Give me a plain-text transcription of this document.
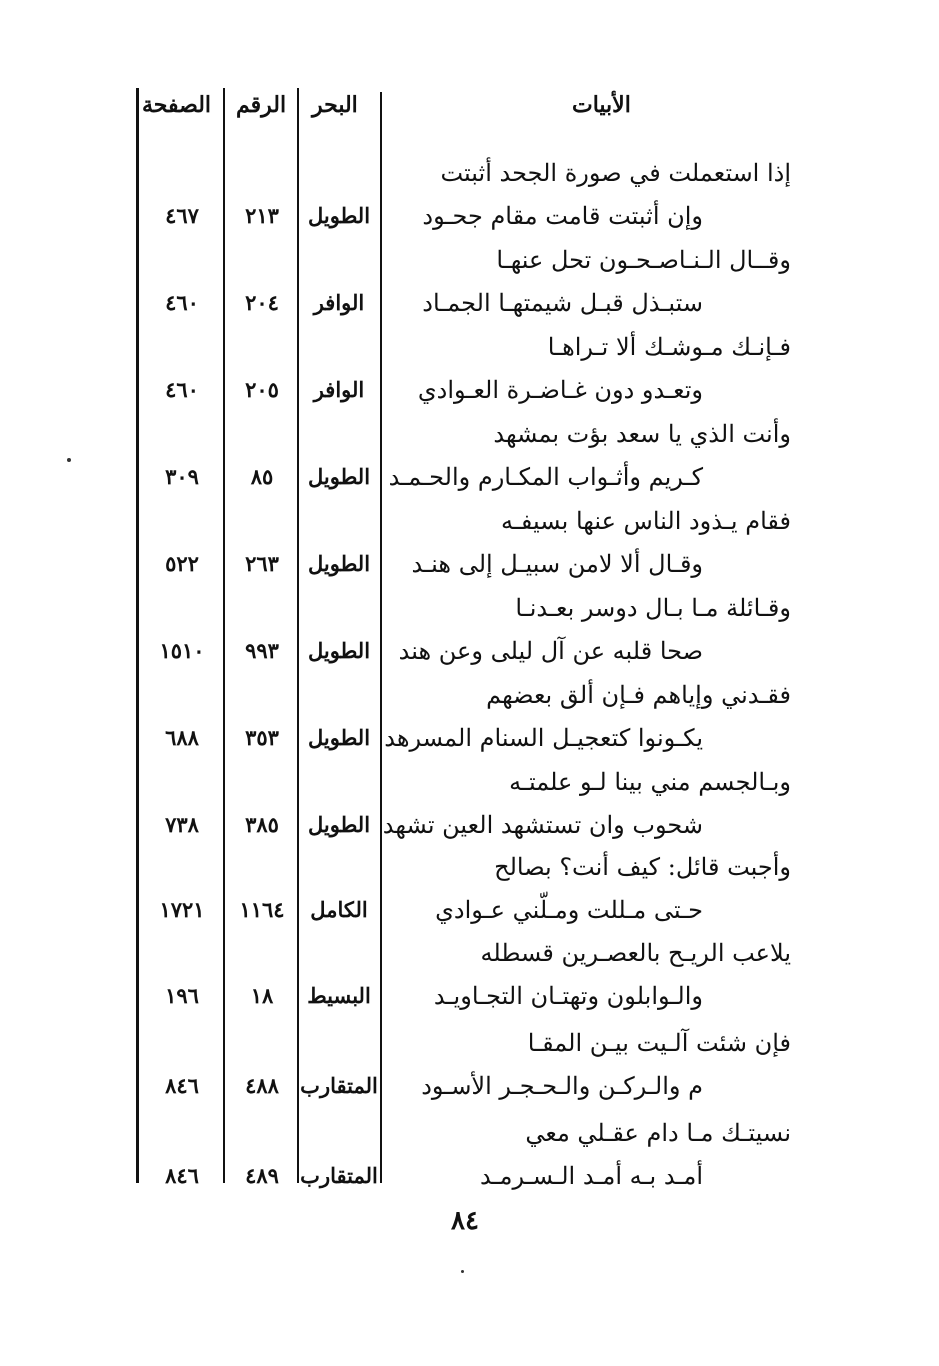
الأبيات
البحر
الرقم
الصفحة
إذا استعملت في صورة الجحد أثبتت
وإن أثبتت قامت مقام جحـود
الطويل
٢١٣
٤٦٧
وقــال الـنـاصـحـون تحل عنهـا
ستبـذل قبـل شيمتهـا الجمـاد
الوافر
٢٠٤
٤٦٠
فـإنـك مـوشـك ألا تـراهـا
وتعـدو دون غـاضـرة العـوادي
الوافر
٢٠٥
٤٦٠
وأنت الذي يا سعد بؤت بمشهد
كـريم وأثـواب المكـارم والحـمـد
الطويل
٨٥
٣٠٩
فقام يـذود الناس عنها بسيفـه
وقـال ألا لامن سبيـل إلى هنـد
الطويل
٢٦٣
٥٢٢
وقـائلة مـا بـال دوسر بعـدنـا
صحا قلبه عن آل ليلى وعن هند
الطويل
٩٩٣
١٥١٠
فقـدني وإياهم فـإن ألق بعضهم
يكـونوا كتعجيـل السنام المسرهد
الطويل
٣٥٣
٦٨٨
وبـالجسم مني بينا لـو علمتـه
شحوب وان تستشهد العين تشهد
الطويل
٣٨٥
٧٣٨
وأجبت قائل: كيف أنت؟ بصالح
حـتى مـللت ومـلّني عـوادي
الكامل
١١٦٤
١٧٢١
يلاعب الريـح بالعصـرين قسطله
والـوابلون وتهتـان التجـاويـد
البسيط
١٨
١٩٦
فإن شئت آلـيت بيـن المقـا
م والـركـن والـحـجـر الأسـود
المتقارب
٤٨٨
٨٤٦
نسيتـك مـا دام عقـلي معي
أمـد بـه أمـد الـسـرمـد
المتقارب
٤٨٩
٨٤٦
٨٤
